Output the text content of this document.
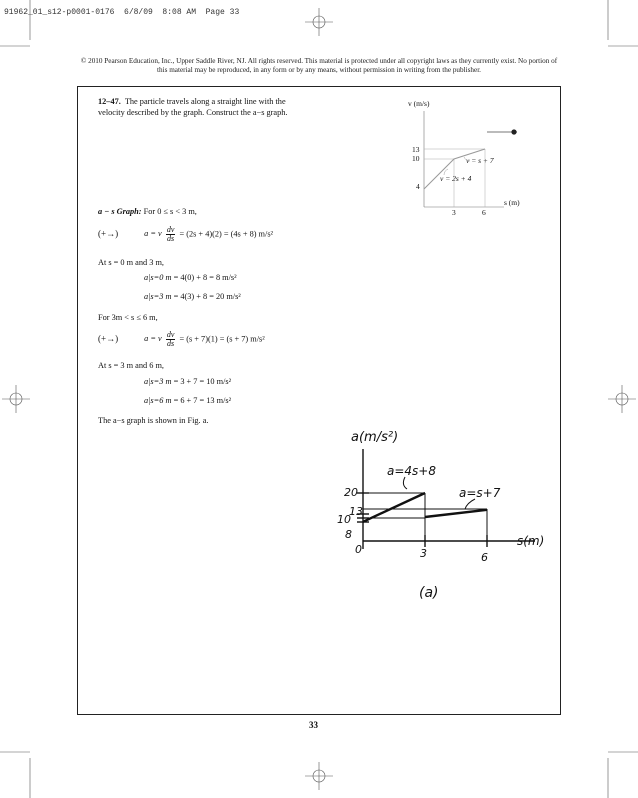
91962_01_s12-p0001-0176  6/8/09  8:08 AM  Page 33
© 2010 Pearson Education, Inc., Upper Saddle River, NJ. All rights reserved. This material is protected under all copyright laws as they currently exist. No portion of this material may be reproduced, in any form or by any means, without permission in writing from the publisher.
12–47. The particle travels along a straight line with the velocity described by the graph. Construct the a−s graph.
v (m/s)
s (m)
13
10
4
3	6
v = 2s + 4
v = s + 7
a − s Graph: For 0 ≤ s < 3 m,
(+→)	a = v $\frac{dv}{ds} = (2s + 4)(2) = (4s + 8)$ m/s²
At s = 0 m and 3 m,
a|s=0 m = 4(0) + 8 = 8 m/s²
a|s=3 m = 4(3) + 8 = 20 m/s²
For 3m < s ≤ 6 m,
(+→)	a = v $\frac{dv}{ds} = (s + 7)(1) = (s + 7)$ m/s²
At s = 3 m and 6 m,
a|s=3 m = 3 + 7 = 10 m/s²
a|s=6 m = 6 + 7 = 13 m/s²
The a−s graph is shown in Fig. a.
a(m/s²)
a=4s+8
a=s+7
20
13
10
8
0	3	6
s(m)
(a)
33
